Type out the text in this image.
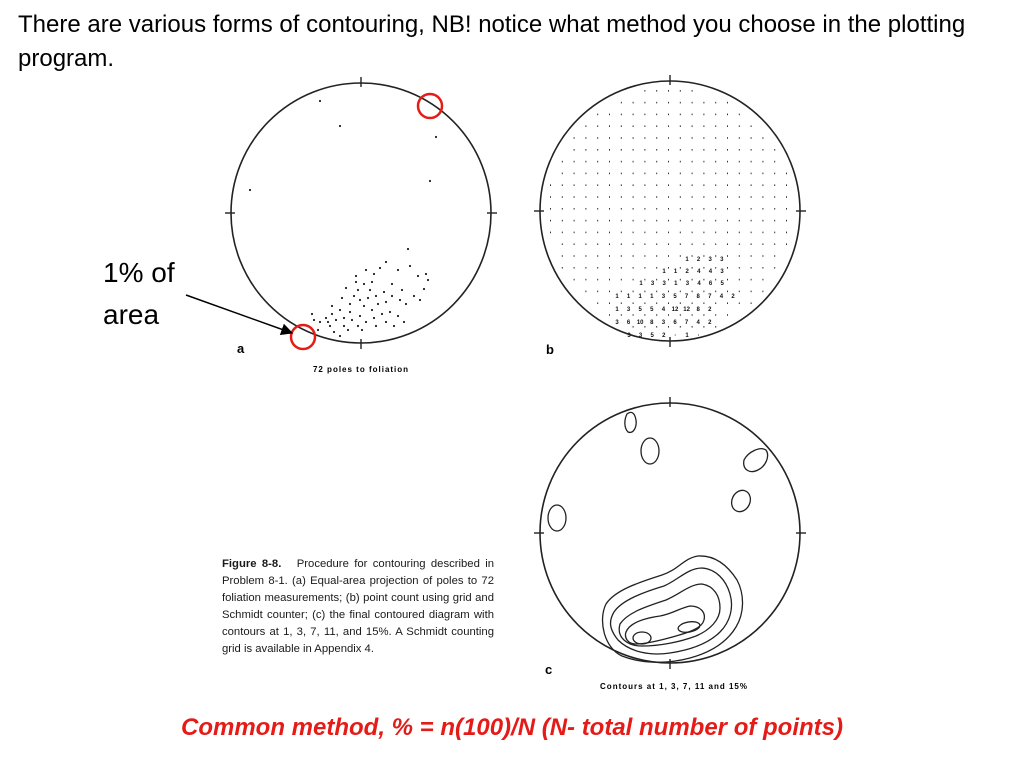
There are various forms of contouring, NB! notice what method you choose in the plotting program.

1% of
area
a
72 poles to foliation
1 2 3 3
1 1 2 4 4 3
1 3 3 1 3 4 6 5
1 1 1 1 3 5 7 8 7 4 2
1 3 5 5 4 12 12 8 2
3 6 10 8 3 6 7 4 2
3 3 5 2 · 1 ·
b
c
Contours at 1, 3, 7, 11 and 15%
Figure 8-8. Procedure for contouring described in Problem 8-1. (a) Equal-area projection of poles to 72 foliation measurements; (b) point count using grid and Schmidt counter; (c) the final contoured diagram with contours at 1, 3, 7, 11, and 15%. A Schmidt counting grid is available in Appendix 4.
Common method, % = n(100)/N (N- total number of points)
